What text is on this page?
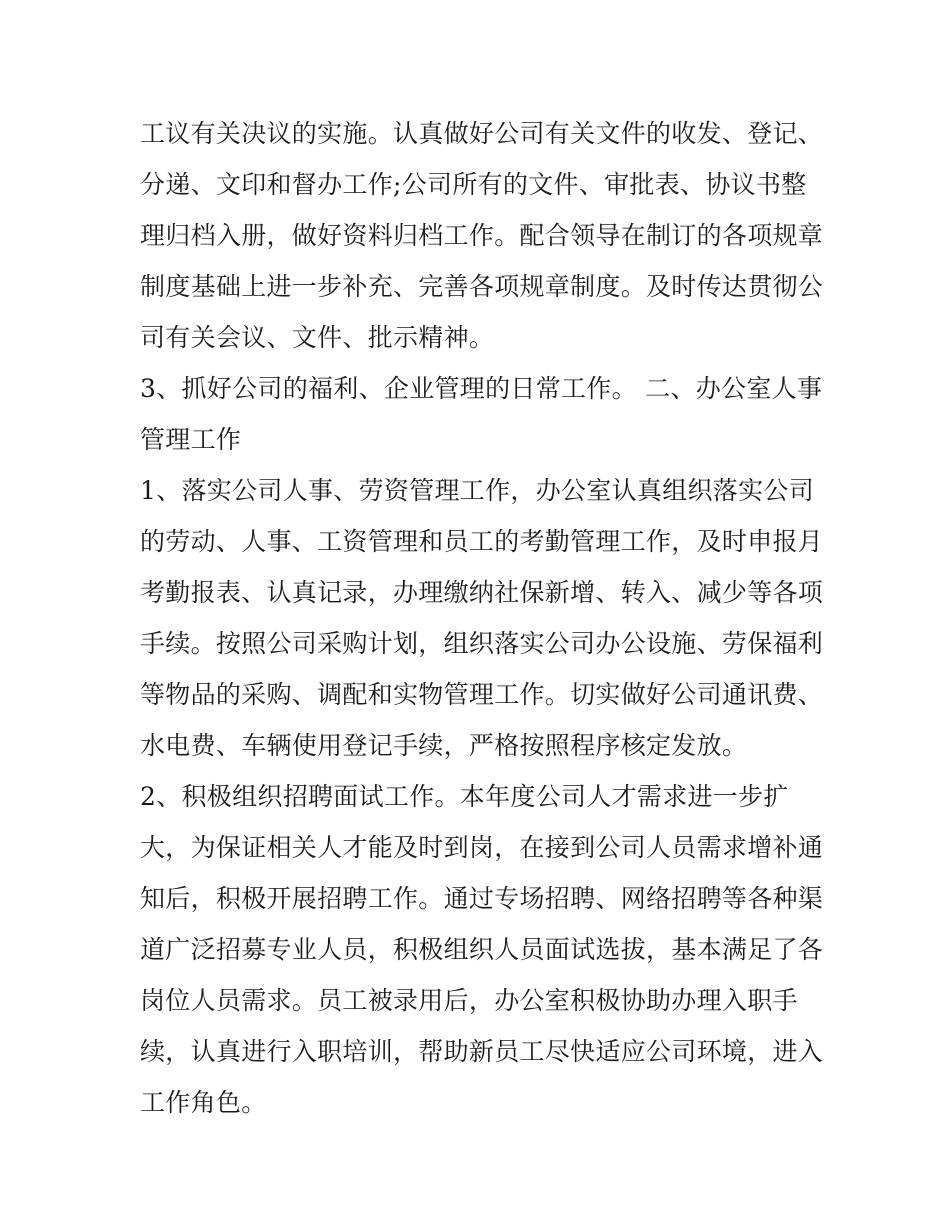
工议有关决议的实施。认真做好公司有关文件的收发、登记、
分递、文印和督办工作;公司所有的文件、审批表、协议书整
理归档入册，做好资料归档工作。配合领导在制订的各项规章
制度基础上进一步补充、完善各项规章制度。及时传达贯彻公
司有关会议、文件、批示精神。
3、抓好公司的福利、企业管理的日常工作。 二、办公室人事
管理工作
1、落实公司人事、劳资管理工作，办公室认真组织落实公司
的劳动、人事、工资管理和员工的考勤管理工作，及时申报月
考勤报表、认真记录，办理缴纳社保新增、转入、减少等各项
手续。按照公司采购计划，组织落实公司办公设施、劳保福利
等物品的采购、调配和实物管理工作。切实做好公司通讯费、
水电费、车辆使用登记手续，严格按照程序核定发放。
2、积极组织招聘面试工作。本年度公司人才需求进一步扩
大，为保证相关人才能及时到岗，在接到公司人员需求增补通
知后，积极开展招聘工作。通过专场招聘、网络招聘等各种渠
道广泛招募专业人员，积极组织人员面试选拔，基本满足了各
岗位人员需求。员工被录用后，办公室积极协助办理入职手
续，认真进行入职培训，帮助新员工尽快适应公司环境，进入
工作角色。
